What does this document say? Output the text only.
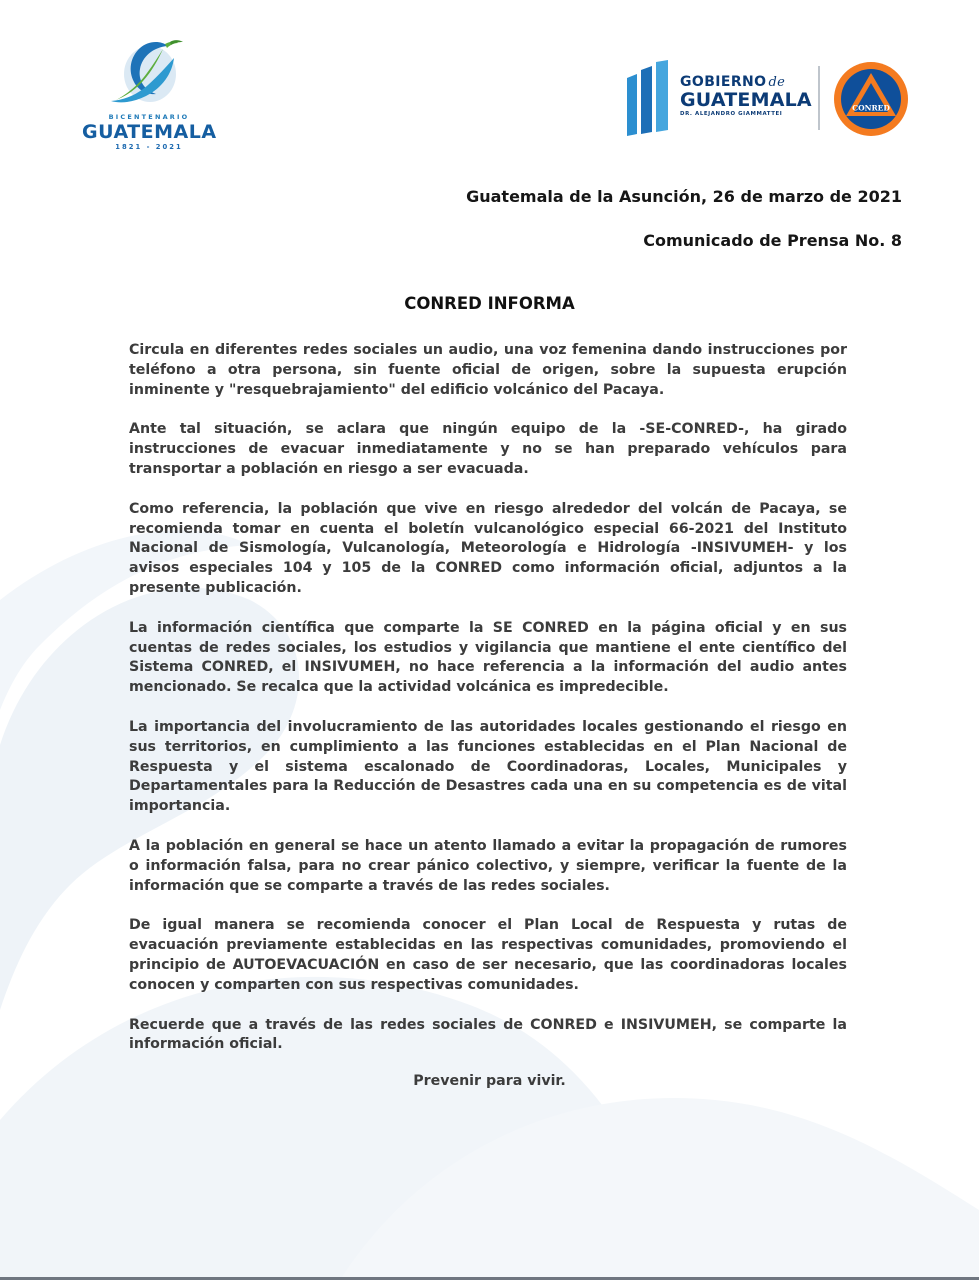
BICENTENARIO
GUATEMALA
1821 - 2021
GOBIERNO de
GUATEMALA
DR. ALEJANDRO GIAMMATTEI
CONRED
Guatemala de la Asunción, 26 de marzo de 2021
Comunicado de Prensa No. 8
CONRED INFORMA

Circula en diferentes redes sociales un audio, una voz femenina dando instrucciones por teléfono a otra persona, sin fuente oficial de origen, sobre la supuesta erupción inminente y "resquebrajamiento" del edificio volcánico del Pacaya.

Ante tal situación, se aclara que ningún equipo de la -SE-CONRED-, ha girado instrucciones de evacuar inmediatamente y no se han preparado vehículos para transportar a población en riesgo a ser evacuada.

Como referencia, la población que vive en riesgo alrededor del volcán de Pacaya, se recomienda tomar en cuenta el boletín vulcanológico especial 66-2021 del Instituto Nacional de Sismología, Vulcanología, Meteorología e Hidrología -INSIVUMEH- y los avisos especiales 104 y 105 de la CONRED como información oficial, adjuntos a la presente publicación.

La información científica que comparte la SE CONRED en la página oficial y en sus cuentas de redes sociales, los estudios y vigilancia que mantiene el ente científico del Sistema CONRED, el INSIVUMEH, no hace referencia a la información del audio antes mencionado. Se recalca que la actividad volcánica es impredecible.

La importancia del involucramiento de las autoridades locales gestionando el riesgo en sus territorios, en cumplimiento a las funciones establecidas en el Plan Nacional de Respuesta y el sistema escalonado de Coordinadoras, Locales, Municipales y Departamentales para la Reducción de Desastres cada una en su competencia es de vital importancia.

A la población en general se hace un atento llamado a evitar la propagación de rumores o información falsa, para no crear pánico colectivo, y siempre, verificar la fuente de la información que se comparte a través de las redes sociales.

De igual manera se recomienda conocer el Plan Local de Respuesta y rutas de evacuación previamente establecidas en las respectivas comunidades, promoviendo el principio de AUTOEVACUACIÓN en caso de ser necesario, que las coordinadoras locales conocen y comparten con sus respectivas comunidades.

Recuerde que a través de las redes sociales de CONRED e INSIVUMEH, se comparte la información oficial.

Prevenir para vivir.
